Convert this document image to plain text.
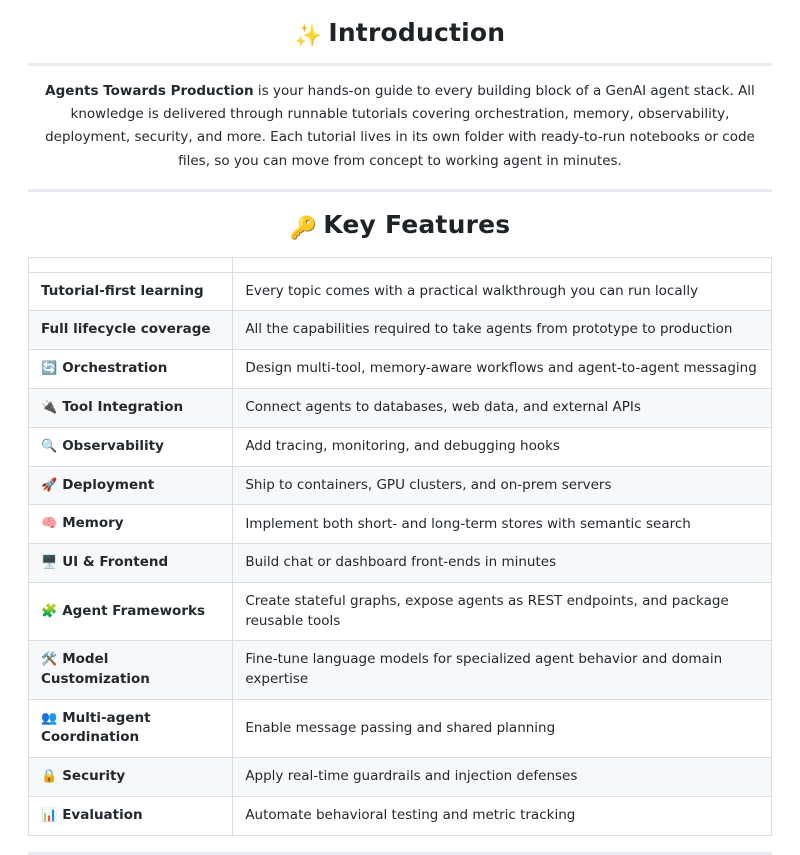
✨ Introduction

Agents Towards Production is your hands-on guide to every building block of a GenAI agent stack. All knowledge is delivered through runnable tutorials covering orchestration, memory, observability, deployment, security, and more. Each tutorial lives in its own folder with ready-to-run notebooks or code files, so you can move from concept to working agent in minutes.

🔑 Key Features

Tutorial-first learning	Every topic comes with a practical walkthrough you can run locally
Full lifecycle coverage	All the capabilities required to take agents from prototype to production
🔄 Orchestration	Design multi-tool, memory-aware workflows and agent-to-agent messaging
🔌 Tool Integration	Connect agents to databases, web data, and external APIs
🔍 Observability	Add tracing, monitoring, and debugging hooks
🚀 Deployment	Ship to containers, GPU clusters, and on-prem servers
🧠 Memory	Implement both short- and long-term stores with semantic search
🖥️ UI & Frontend	Build chat or dashboard front-ends in minutes
🧩 Agent Frameworks	Create stateful graphs, expose agents as REST endpoints, and package reusable tools
🛠️ Model Customization	Fine-tune language models for specialized agent behavior and domain expertise
👥 Multi-agent Coordination	Enable message passing and shared planning
🔒 Security	Apply real-time guardrails and injection defenses
📊 Evaluation	Automate behavioral testing and metric tracking
